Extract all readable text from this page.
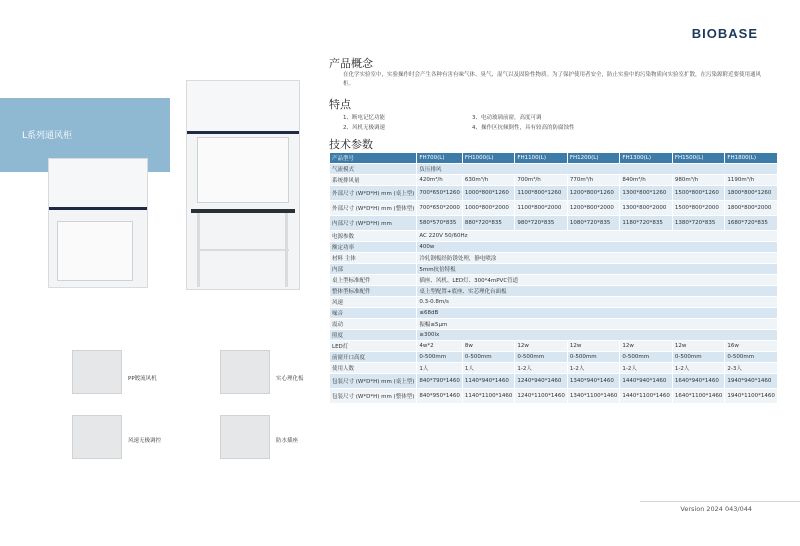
BIOBASE
L系列通风柜
PP镀流风机	实心理化板
风速无极调控	防水插座
产品概念
在化学实验室中，实验操作时会产生各种有害有味气体、臭气、湿气以及固险性物质。为了保护使用者安全，防止实验中的污染物质向实验室扩散，在污染源附近要使用通风柜。
特点
1、断电记忆功能
2、风机无极调速
3、电动玻璃前窗，高度可调
4、操作区抗倾倒性，具有较高的防腐蚀性
技术参数
产品型号	FH700(L)	FH1000(L)	FH1100(L)	FH1200(L)	FH1300(L)	FH1500(L)	FH1800(L)
气流模式	负压排风						
系统排风量	420m³/h	630m³/h	700m³/h	770m³/h	840m³/h	980m³/h	1190m³/h
外部尺寸 (W*D*H) mm (桌上型)	700*650*1260	1000*800*1260	1100*800*1260	1200*800*1260	1300*800*1260	1500*800*1260	1800*800*1260
外部尺寸 (W*D*H) mm (整体型)	700*650*2000	1000*800*2000	1100*800*2000	1200*800*2000	1300*800*2000	1500*800*2000	1800*800*2000
内部尺寸 (W*D*H) mm	580*570*835	880*720*835	980*720*835	1080*720*835	1180*720*835	1380*720*835	1680*720*835
电源参数	AC 220V 50/60Hz						
额定功率	400w						
材料 主体	冷轧钢板经防锈处理，静电喷涂						
内部	5mm抗倍特板						
桌上型标准配件	插座、风机、LED灯、300*4mPVC管道						
整体型标准配件	桌上型配置+底座、实芯理化台面板						
风速	0.3-0.8m/s						
噪音	≤68dB						
震动	振幅≤5μm						
照度	≥300lx						
LED灯	4w*2	8w	12w	12w	12w	12w	16w
前窗开口高度	0-500mm	0-500mm	0-500mm	0-500mm	0-500mm	0-500mm	0-500mm
使用人数	1人	1人	1-2人	1-2人	1-2人	1-2人	2-3人
包装尺寸 (W*D*H) mm (桌上型)	840*790*1460	1140*940*1460	1240*940*1460	1340*940*1460	1440*940*1460	1640*940*1460	1940*940*1460
包装尺寸 (W*D*H) mm (整体型)	840*950*1460	1140*1100*1460	1240*1100*1460	1340*1100*1460	1440*1100*1460	1640*1100*1460	1940*1100*1460
Version 2024 043/044
